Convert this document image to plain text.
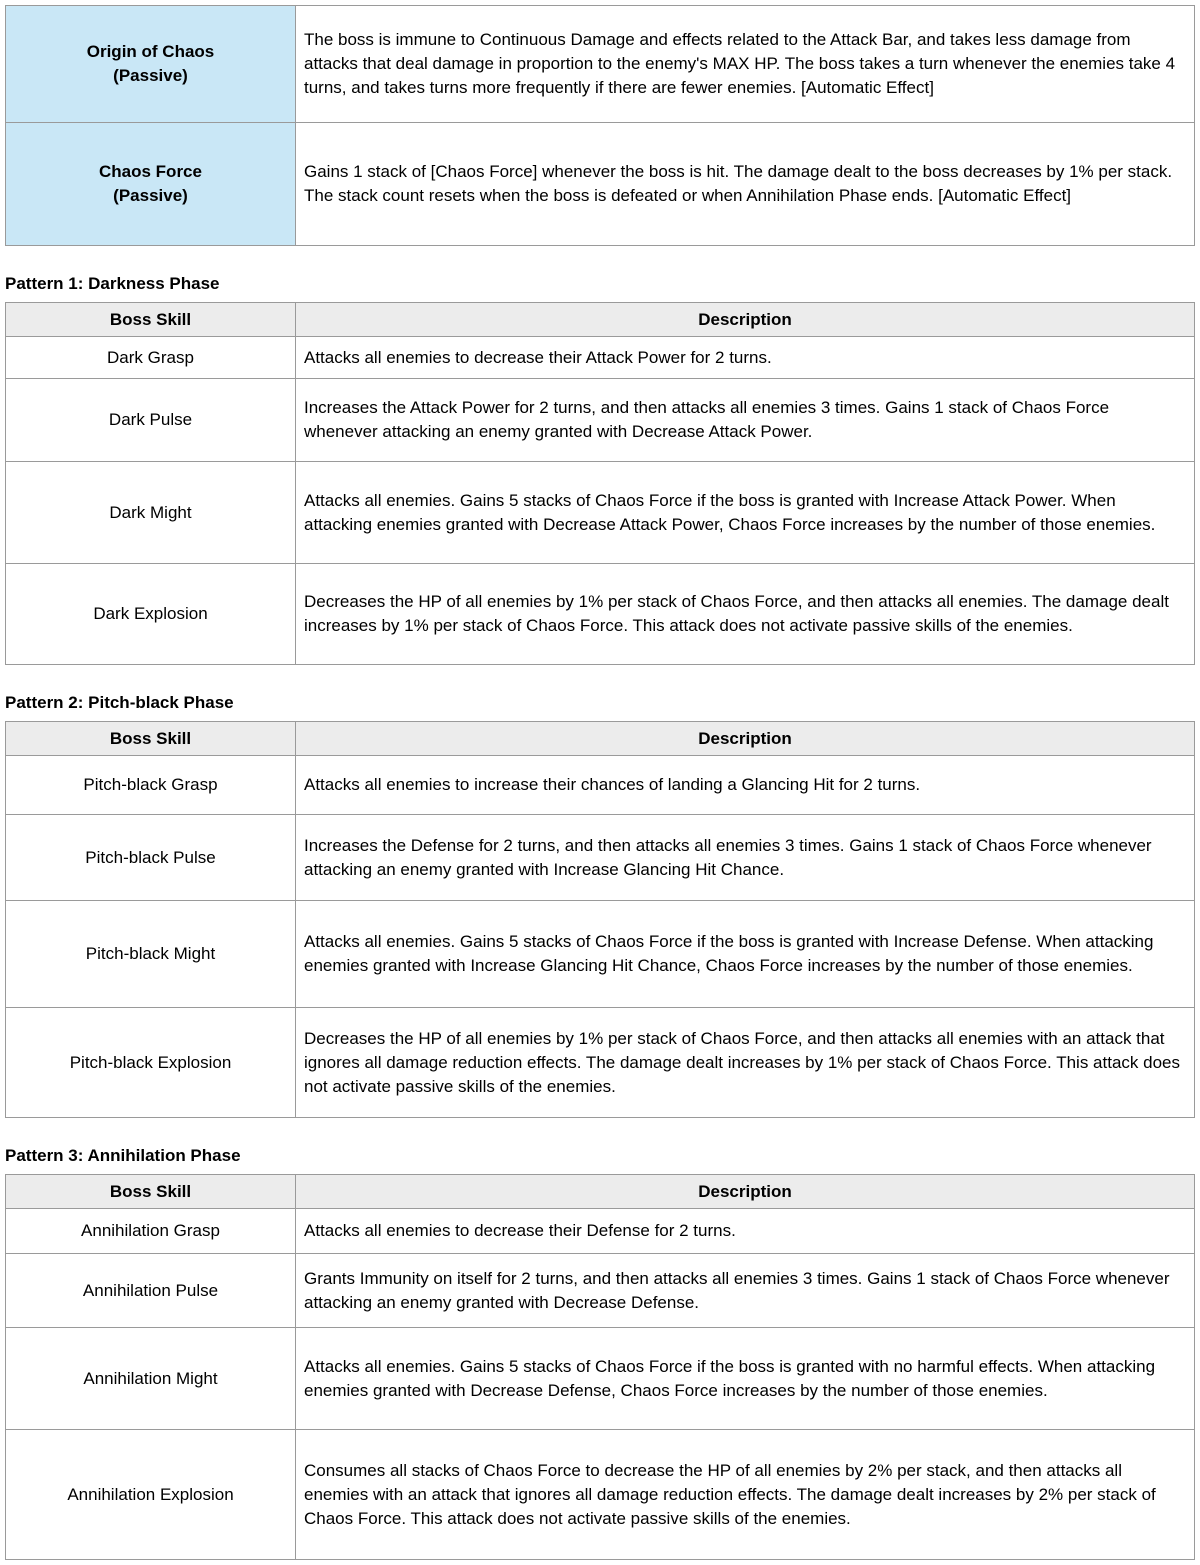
Origin of Chaos
(Passive)	The boss is immune to Continuous Damage and effects related to the Attack Bar, and takes less damage from attacks that deal damage in proportion to the enemy's MAX HP. The boss takes a turn whenever the enemies take 4 turns, and takes turns more frequently if there are fewer enemies. [Automatic Effect]

Chaos Force
(Passive)	Gains 1 stack of [Chaos Force] whenever the boss is hit. The damage dealt to the boss decreases by 1% per stack. The stack count resets when the boss is defeated or when Annihilation Phase ends. [Automatic Effect]
Pattern 1: Darkness Phase
Boss Skill	Description
Dark Grasp	Attacks all enemies to decrease their Attack Power for 2 turns.
Dark Pulse	Increases the Attack Power for 2 turns, and then attacks all enemies 3 times. Gains 1 stack of Chaos Force whenever attacking an enemy granted with Decrease Attack Power.
Dark Might	Attacks all enemies. Gains 5 stacks of Chaos Force if the boss is granted with Increase Attack Power. When attacking enemies granted with Decrease Attack Power, Chaos Force increases by the number of those enemies.
Dark Explosion	Decreases the HP of all enemies by 1% per stack of Chaos Force, and then attacks all enemies. The damage dealt increases by 1% per stack of Chaos Force. This attack does not activate passive skills of the enemies.
Pattern 2: Pitch-black Phase
Boss Skill	Description
Pitch-black Grasp	Attacks all enemies to increase their chances of landing a Glancing Hit for 2 turns.
Pitch-black Pulse	Increases the Defense for 2 turns, and then attacks all enemies 3 times. Gains 1 stack of Chaos Force whenever attacking an enemy granted with Increase Glancing Hit Chance.
Pitch-black Might	Attacks all enemies. Gains 5 stacks of Chaos Force if the boss is granted with Increase Defense. When attacking enemies granted with Increase Glancing Hit Chance, Chaos Force increases by the number of those enemies.
Pitch-black Explosion	Decreases the HP of all enemies by 1% per stack of Chaos Force, and then attacks all enemies with an attack that ignores all damage reduction effects. The damage dealt increases by 1% per stack of Chaos Force. This attack does not activate passive skills of the enemies.
Pattern 3: Annihilation Phase
Boss Skill	Description
Annihilation Grasp	Attacks all enemies to decrease their Defense for 2 turns.
Annihilation Pulse	Grants Immunity on itself for 2 turns, and then attacks all enemies 3 times. Gains 1 stack of Chaos Force whenever attacking an enemy granted with Decrease Defense.
Annihilation Might	Attacks all enemies. Gains 5 stacks of Chaos Force if the boss is granted with no harmful effects. When attacking enemies granted with Decrease Defense, Chaos Force increases by the number of those enemies.
Annihilation Explosion	Consumes all stacks of Chaos Force to decrease the HP of all enemies by 2% per stack, and then attacks all enemies with an attack that ignores all damage reduction effects. The damage dealt increases by 2% per stack of Chaos Force. This attack does not activate passive skills of the enemies.
